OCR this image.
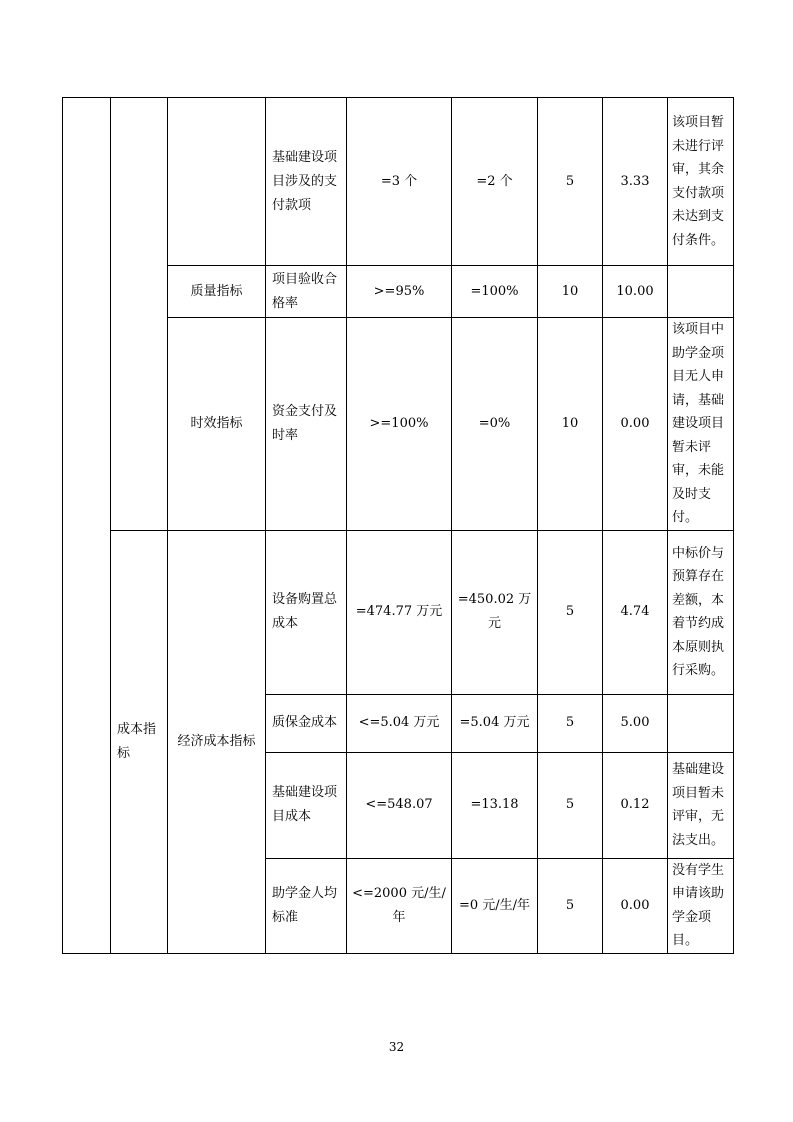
			基础建设项目涉及的支付款项	=3 个	=2 个	5	3.33	该项目暂未进行评审，其余支付款项未达到支付条件。
		质量指标	项目验收合格率	>=95%	=100%	10	10.00	
		时效指标	资金支付及时率	>=100%	=0%	10	0.00	该项目中助学金项目无人申请，基础建设项目暂未评审，未能及时支付。
	成本指标	经济成本指标	设备购置总成本	=474.77 万元	=450.02 万元	5	4.74	中标价与预算存在差额，本着节约成本原则执行采购。
			质保金成本	<=5.04 万元	=5.04 万元	5	5.00	
			基础建设项目成本	<=548.07	=13.18	5	0.12	基础建设项目暂未评审，无法支出。
			助学金人均标准	<=2000 元/生/年	=0 元/生/年	5	0.00	没有学生申请该助学金项目。
32
